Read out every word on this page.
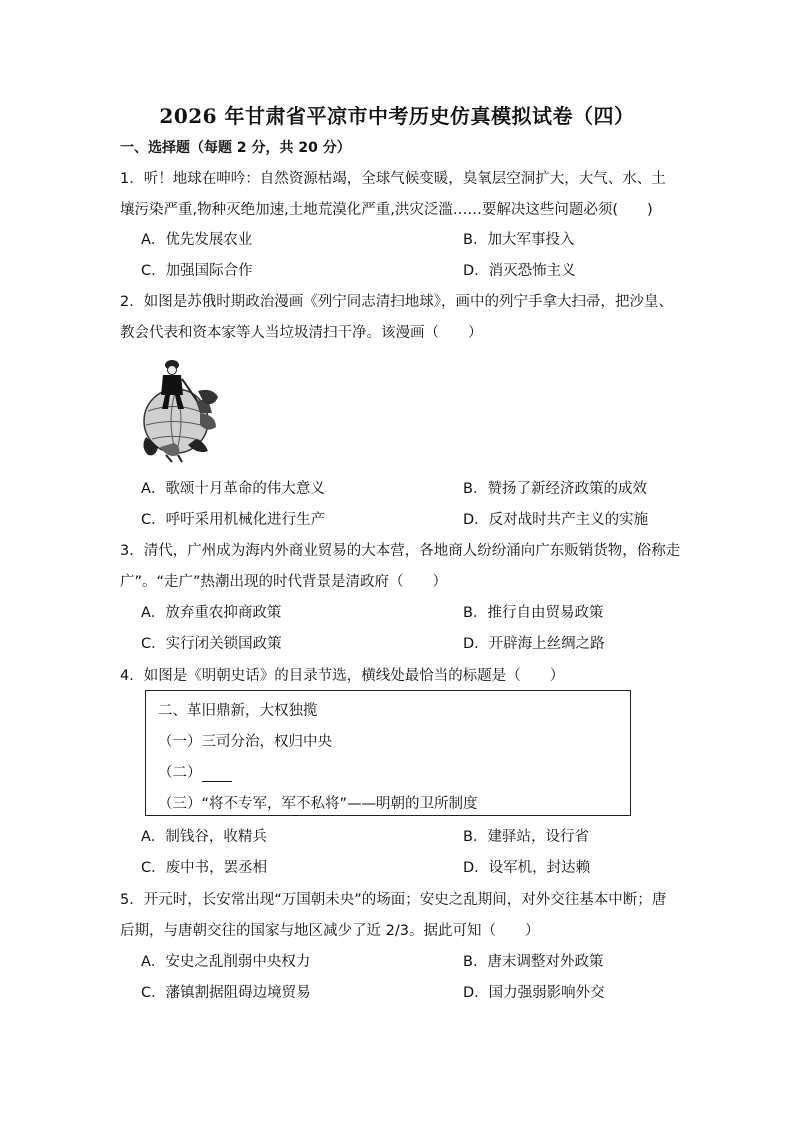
2026 年甘肃省平凉市中考历史仿真模拟试卷（四）
一、选择题（每题 2 分，共 20 分）
1．听！地球在呻吟：自然资源枯竭，全球气候变暖，臭氧层空洞扩大，大气、水、土
壤污染严重,物种灭绝加速,土地荒漠化严重,洪灾泛滥……要解决这些问题必须(　　)
A．优先发展农业	B．加大军事投入
C．加强国际合作	D．消灭恐怖主义
2．如图是苏俄时期政治漫画《列宁同志清扫地球》，画中的列宁手拿大扫帚，把沙皇、
教会代表和资本家等人当垃圾清扫干净。该漫画（　　）
A．歌颂十月革命的伟大意义	B．赞扬了新经济政策的成效
C．呼吁采用机械化进行生产	D．反对战时共产主义的实施
3．清代，广州成为海内外商业贸易的大本营，各地商人纷纷涌向广东贩销货物，俗称走
广”。“走广”热潮出现的时代背景是清政府（　　）
A．放弃重农抑商政策	B．推行自由贸易政策
C．实行闭关锁国政策	D．开辟海上丝绸之路
4．如图是《明朝史话》的目录节选，横线处最恰当的标题是（　　）
二、革旧鼎新，大权独揽
（一）三司分治，权归中央
（二）
（三）“将不专军，军不私将”——明朝的卫所制度
A．制钱谷，收精兵	B．建驿站，设行省
C．废中书，罢丞相	D．设军机，封达赖
5．开元时，长安常出现“万国朝未央”的场面；安史之乱期间，对外交往基本中断；唐
后期，与唐朝交往的国家与地区减少了近 2/3。据此可知（　　）
A．安史之乱削弱中央权力	B．唐末调整对外政策
C．藩镇割据阻碍边境贸易	D．国力强弱影响外交
